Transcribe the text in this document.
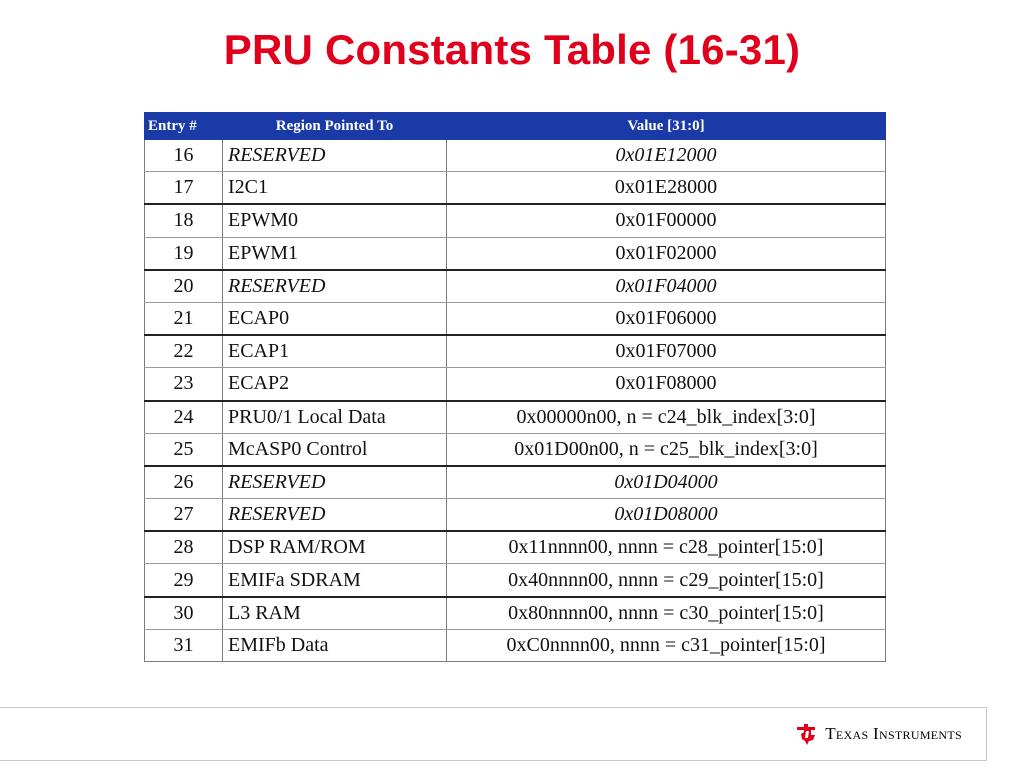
PRU Constants Table (16-31)
Entry #	Region Pointed To	Value [31:0]
16	RESERVED	0x01E12000
17	I2C1	0x01E28000
18	EPWM0	0x01F00000
19	EPWM1	0x01F02000
20	RESERVED	0x01F04000
21	ECAP0	0x01F06000
22	ECAP1	0x01F07000
23	ECAP2	0x01F08000
24	PRU0/1 Local Data	0x00000n00, n = c24_blk_index[3:0]
25	McASP0 Control	0x01D00n00, n = c25_blk_index[3:0]
26	RESERVED	0x01D04000
27	RESERVED	0x01D08000
28	DSP RAM/ROM	0x11nnnn00, nnnn = c28_pointer[15:0]
29	EMIFa SDRAM	0x40nnnn00, nnnn = c29_pointer[15:0]
30	L3 RAM	0x80nnnn00, nnnn = c30_pointer[15:0]
31	EMIFb Data	0xC0nnnn00, nnnn = c31_pointer[15:0]
Texas Instruments
